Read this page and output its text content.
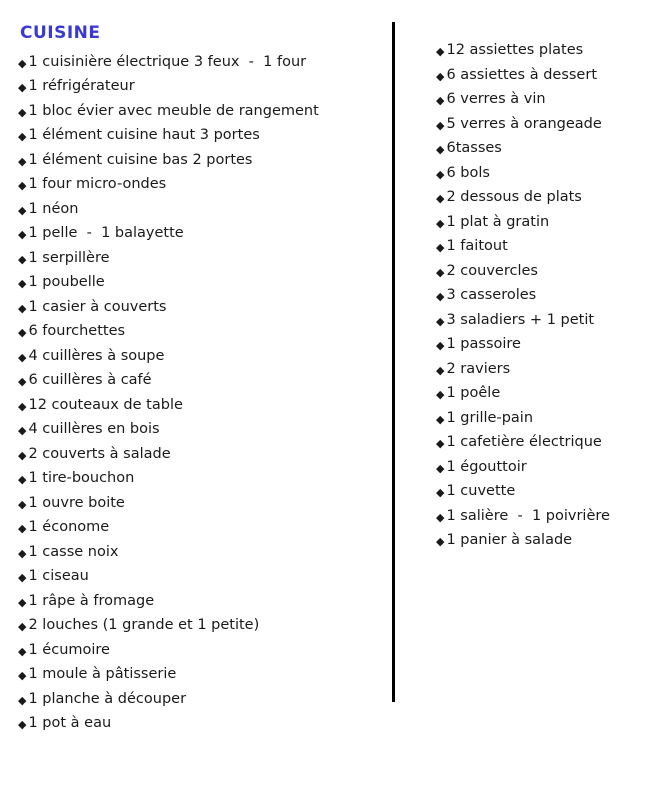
CUISINE
◆ 1 cuisinière électrique 3 feux  -  1 four
◆ 1 réfrigérateur
◆ 1 bloc évier avec meuble de rangement
◆ 1 élément cuisine haut 3 portes
◆ 1 élément cuisine bas 2 portes
◆ 1 four micro-ondes
◆ 1 néon
◆ 1 pelle  -  1 balayette
◆ 1 serpillère
◆ 1 poubelle
◆ 1 casier à couverts
◆ 6 fourchettes
◆ 4 cuillères à soupe
◆ 6 cuillères à café
◆ 12 couteaux de table
◆ 4 cuillères en bois
◆ 2 couverts à salade
◆ 1 tire-bouchon
◆ 1 ouvre boite
◆ 1 économe
◆ 1 casse noix
◆ 1 ciseau
◆ 1 râpe à fromage
◆ 2 louches (1 grande et 1 petite)
◆ 1 écumoire
◆ 1 moule à pâtisserie
◆ 1 planche à découper
◆ 1 pot à eau
◆ 12 assiettes plates
◆ 6 assiettes à dessert
◆ 6 verres à vin
◆ 5 verres à orangeade
◆ 6tasses
◆ 6 bols
◆ 2 dessous de plats
◆ 1 plat à gratin
◆ 1 faitout
◆ 2 couvercles
◆ 3 casseroles
◆ 3 saladiers + 1 petit
◆ 1 passoire
◆ 2 raviers
◆ 1 poêle
◆ 1 grille-pain
◆ 1 cafetière électrique
◆ 1 égouttoir
◆ 1 cuvette
◆ 1 salière  -  1 poivrière
◆ 1 panier à salade
